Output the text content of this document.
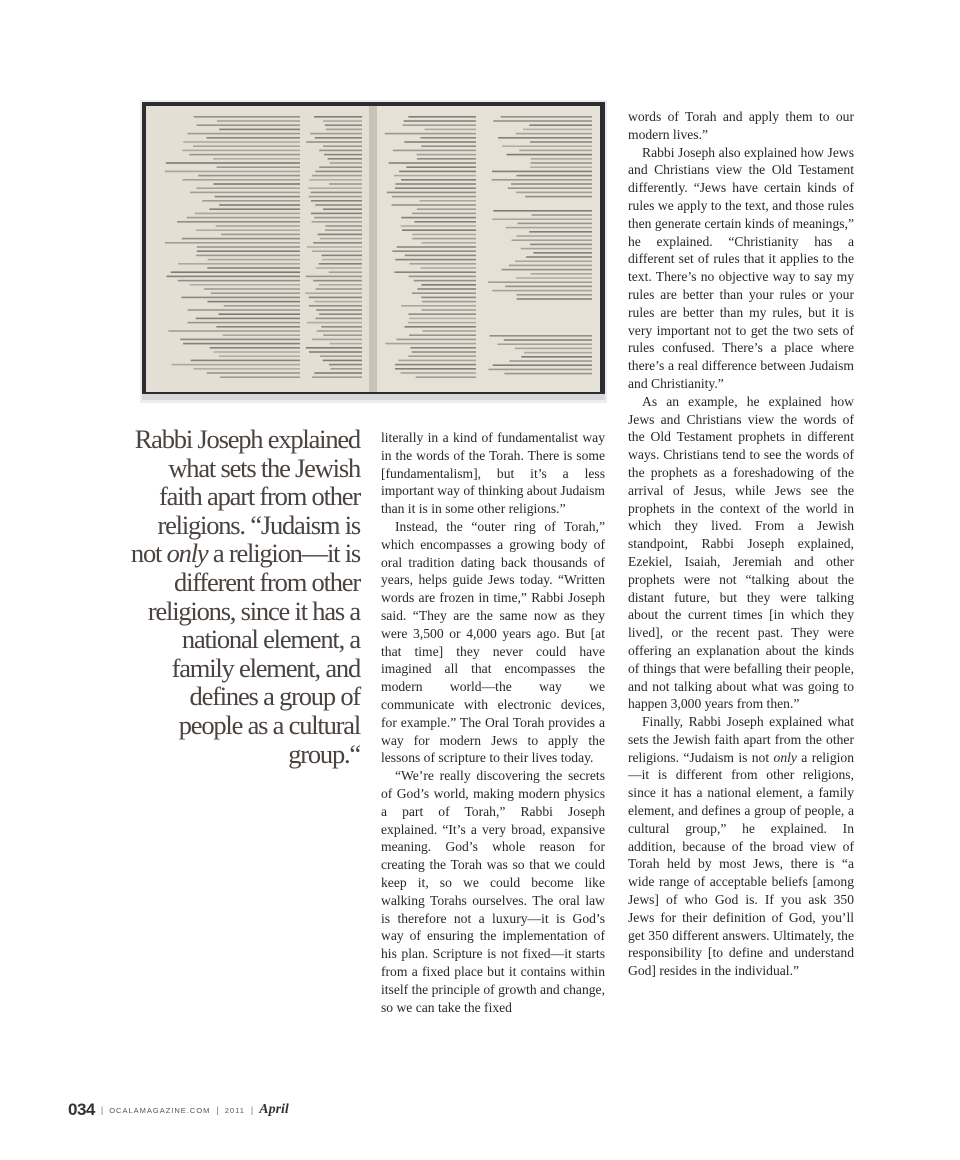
Rabbi Joseph explained what sets the Jewish faith apart from other religions. “Judaism is not only a religion—it is different from other religions, since it has a national element, a family element, and defines a group of people as a cultural group.“

literally in a kind of fundamentalist way in the words of the Torah. There is some [fundamentalism], but it’s a less important way of thinking about Judaism than it is in some other religions.”

Instead, the “outer ring of Torah,” which encompasses a growing body of oral tradition dating back thousands of years, helps guide Jews today. “Written words are frozen in time,” Rabbi Joseph said. “They are the same now as they were 3,500 or 4,000 years ago. But [at that time] they never could have imagined all that encompasses the modern world—the way we communicate with electronic devices, for example.” The Oral Torah provides a way for modern Jews to apply the lessons of scripture to their lives today.

“We’re really discovering the secrets of God’s world, making modern physics a part of Torah,” Rabbi Joseph explained. “It’s a very broad, expansive meaning. God’s whole reason for creating the Torah was so that we could keep it, so we could become like walking Torahs ourselves. The oral law is therefore not a luxury—it is God’s way of ensuring the implementation of his plan. Scripture is not fixed—it starts from a fixed place but it contains within itself the principle of growth and change, so we can take the fixed

words of Torah and apply them to our modern lives.”

Rabbi Joseph also explained how Jews and Christians view the Old Testament differently. “Jews have certain kinds of rules we apply to the text, and those rules then generate certain kinds of meanings,” he explained. “Christianity has a different set of rules that it applies to the text. There’s no objective way to say my rules are better than your rules or your rules are better than my rules, but it is very important not to get the two sets of rules confused. There’s a place where there’s a real difference between Judaism and Christianity.”

As an example, he explained how Jews and Christians view the words of the Old Testament prophets in different ways. Christians tend to see the words of the prophets as a foreshadowing of the arrival of Jesus, while Jews see the prophets in the context of the world in which they lived. From a Jewish standpoint, Rabbi Joseph explained, Ezekiel, Isaiah, Jeremiah and other prophets were not “talking about the distant future, but they were talking about the current times [in which they lived], or the recent past. They were offering an explanation about the kinds of things that were befalling their people, and not talking about what was going to happen 3,000 years from then.”

Finally, Rabbi Joseph explained what sets the Jewish faith apart from the other religions. “Judaism is not only a religion—it is different from other religions, since it has a national element, a family element, and defines a group of people, a cultural group,” he explained. In addition, because of the broad view of Torah held by most Jews, there is “a wide range of acceptable beliefs [among Jews] of who God is. If you ask 350 Jews for their definition of God, you’ll get 350 different answers. Ultimately, the responsibility [to define and understand God] resides in the individual.”

034 | OCALAMAGAZINE.COM | 2011 | April
